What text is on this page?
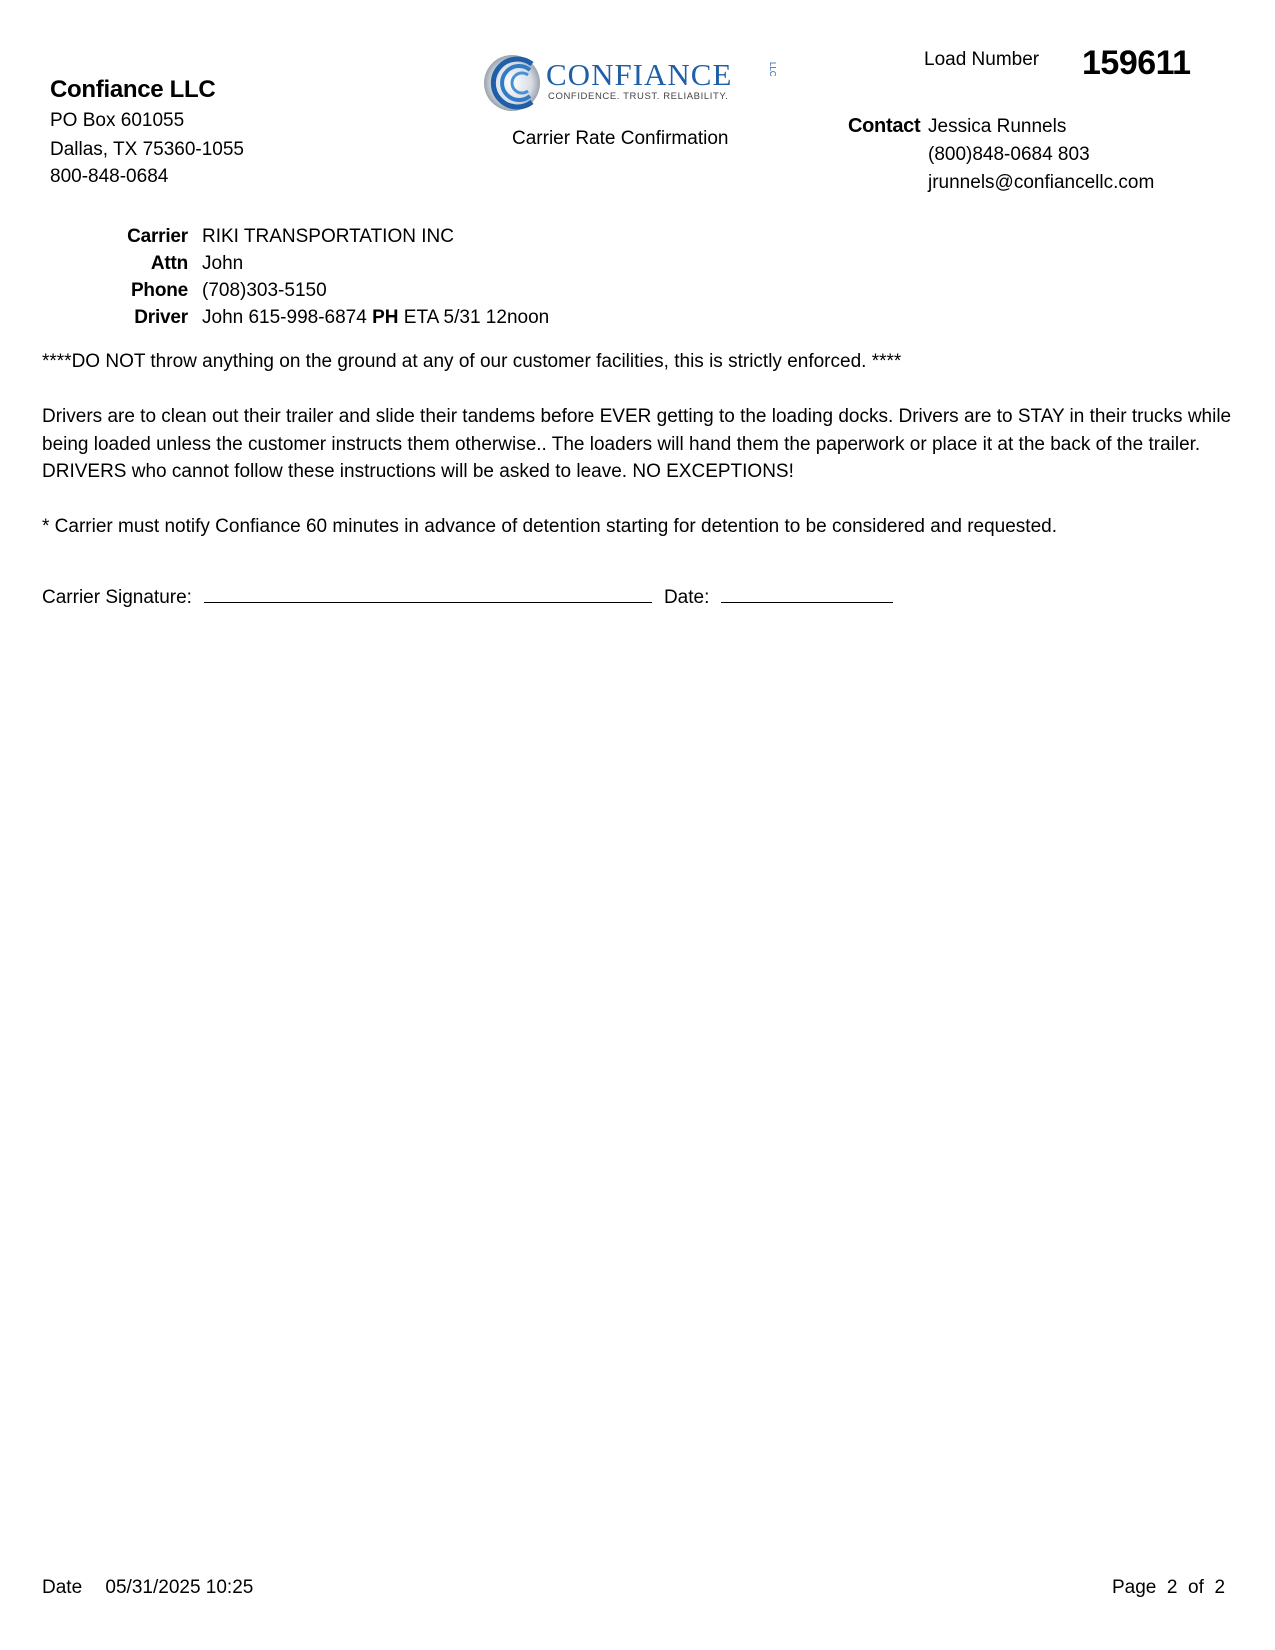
Confiance LLC
PO Box 601055
Dallas, TX 75360-1055
800-848-0684
CONFIANCE
CONFIDENCE. TRUST. RELIABILITY.
LLC
Carrier Rate Confirmation
Load Number 159611
Contact Jessica Runnels
(800)848-0684 803
jrunnels@confiancellc.com
Carrier RIKI TRANSPORTATION INC
Attn John
Phone (708)303-5150
Driver John 615-998-6874 PH ETA 5/31 12noon
****DO NOT throw anything on the ground at any of our customer facilities, this is strictly enforced. ****
Drivers are to clean out their trailer and slide their tandems before EVER getting to the loading docks. Drivers are to STAY in their trucks while being loaded unless the customer instructs them otherwise.. The loaders will hand them the paperwork or place it at the back of the trailer. DRIVERS who cannot follow these instructions will be asked to leave. NO EXCEPTIONS!
* Carrier must notify Confiance 60 minutes in advance of detention starting for detention to be considered and requested.
Carrier Signature:	Date:
Date 05/31/2025 10:25	Page  2  of  2
